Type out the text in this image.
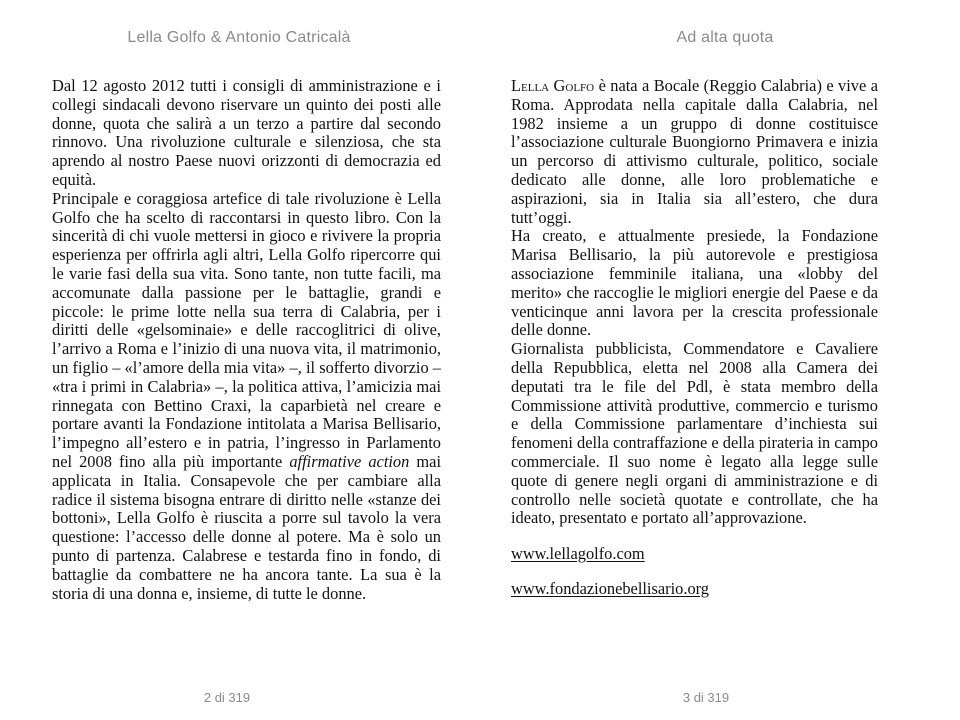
Lella Golfo & Antonio Catricalà

Dal 12 agosto 2012 tutti i consigli di amministrazione e i collegi sindacali devono riservare un quinto dei posti alle donne, quota che salirà a un terzo a partire dal secondo rinnovo. Una rivoluzione culturale e silenziosa, che sta aprendo al nostro Paese nuovi orizzonti di democrazia ed equità.

Principale e coraggiosa artefice di tale rivoluzione è Lella Golfo che ha scelto di raccontarsi in questo libro. Con la sincerità di chi vuole mettersi in gioco e rivivere la propria esperienza per offrirla agli altri, Lella Golfo ripercorre qui le varie fasi della sua vita. Sono tante, non tutte facili, ma accomunate dalla passione per le battaglie, grandi e piccole: le prime lotte nella sua terra di Calabria, per i diritti delle «gelsominaie» e delle raccoglitrici di olive, l’arrivo a Roma e l’inizio di una nuova vita, il matrimonio, un figlio – «l’amore della mia vita» –, il sofferto divorzio – «tra i primi in Calabria» –, la politica attiva, l’amicizia mai rinnegata con Bettino Craxi, la caparbietà nel creare e portare avanti la Fondazione intitolata a Marisa Bellisario, l’impegno all’estero e in patria, l’ingresso in Parlamento nel 2008 fino alla più importante affirmative action mai applicata in Italia. Consapevole che per cambiare alla radice il sistema bisogna entrare di diritto nelle «stanze dei bottoni», Lella Golfo è riuscita a porre sul tavolo la vera questione: l’accesso delle donne al potere. Ma è solo un punto di partenza. Calabrese e testarda fino in fondo, di battaglie da combattere ne ha ancora tante. La sua è la storia di una donna e, insieme, di tutte le donne.

2 di 319
Ad alta quota

Lella Golfo è nata a Bocale (Reggio Calabria) e vive a Roma. Approdata nella capitale dalla Calabria, nel 1982 insieme a un gruppo di donne costituisce l’associazione culturale Buongiorno Primavera e inizia un percorso di attivismo culturale, politico, sociale dedicato alle donne, alle loro problematiche e aspirazioni, sia in Italia sia all’estero, che dura tutt’oggi.

Ha creato, e attualmente presiede, la Fondazione Marisa Bellisario, la più autorevole e prestigiosa associazione femminile italiana, una «lobby del merito» che raccoglie le migliori energie del Paese e da venticinque anni lavora per la crescita professionale delle donne.

Giornalista pubblicista, Commendatore e Cavaliere della Repubblica, eletta nel 2008 alla Camera dei deputati tra le file del Pdl, è stata membro della Commissione attività produttive, commercio e turismo e della Commissione parlamentare d’inchiesta sui fenomeni della contraffazione e della pirateria in campo commerciale. Il suo nome è legato alla legge sulle quote di genere negli organi di amministrazione e di controllo nelle società quotate e controllate, che ha ideato, presentato e portato all’approvazione.

www.lellagolfo.com
www.fondazionebellisario.org
3 di 319
